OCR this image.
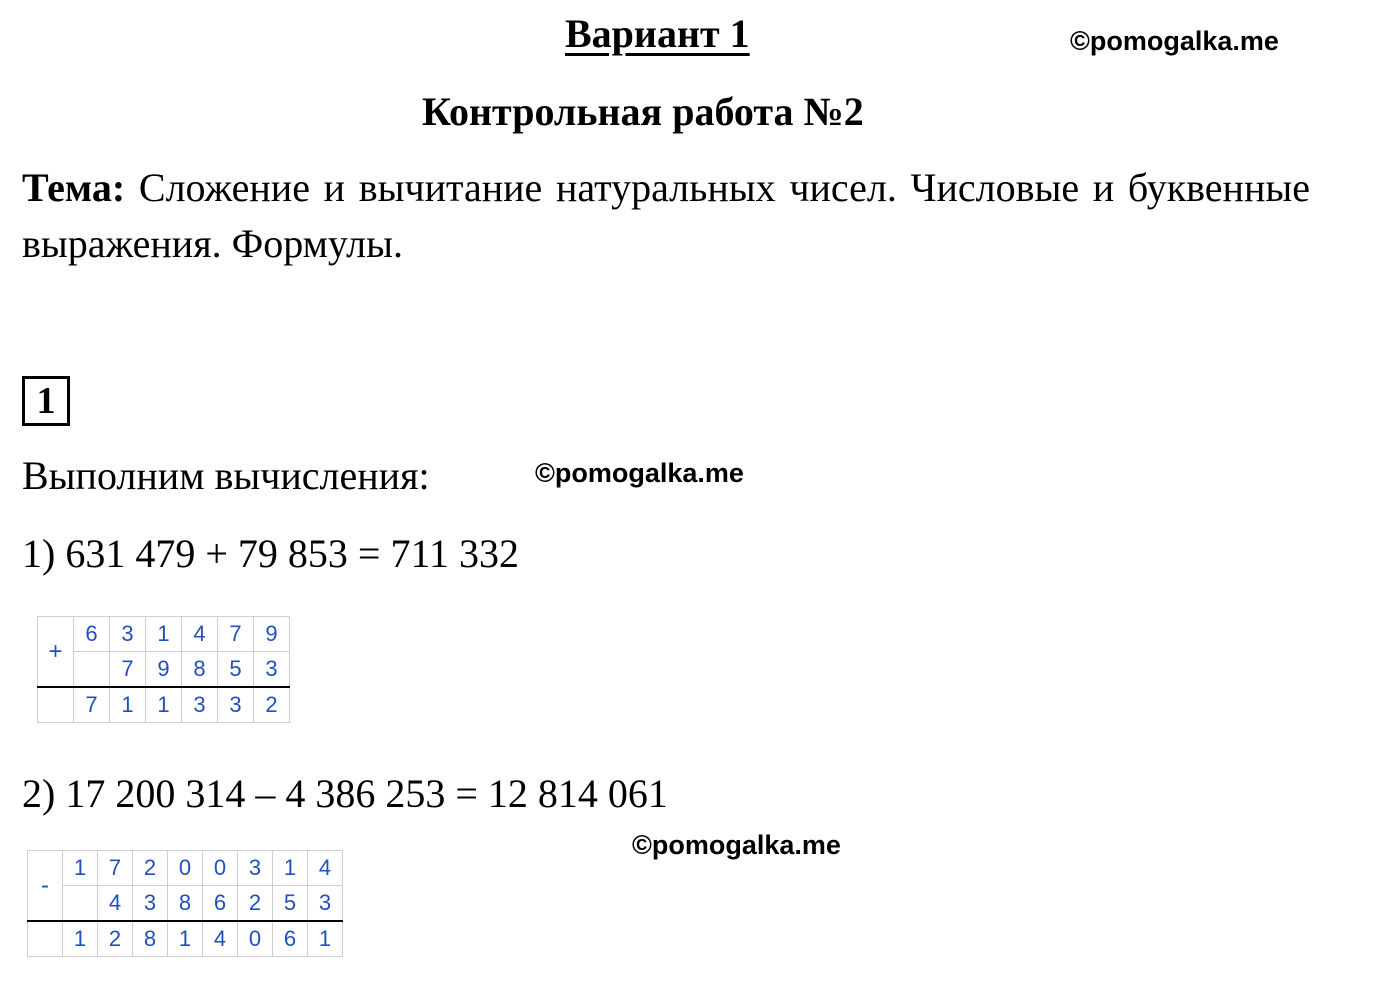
Вариант 1	©pomogalka.me
Контрольная работа №2
Тема: Сложение и вычитание натуральных чисел. Числовые и буквенные выражения. Формулы.
1
Выполним вычисления:	©pomogalka.me
1) 631 479 + 79 853 = 711 332
+	6	3	1	4	7	9
		7	9	8	5	3
	7	1	1	3	3	2
2) 17 200 314 – 4 386 253 = 12 814 061
©pomogalka.me
-	1	7	2	0	0	3	1	4
		4	3	8	6	2	5	3
	1	2	8	1	4	0	6	1
